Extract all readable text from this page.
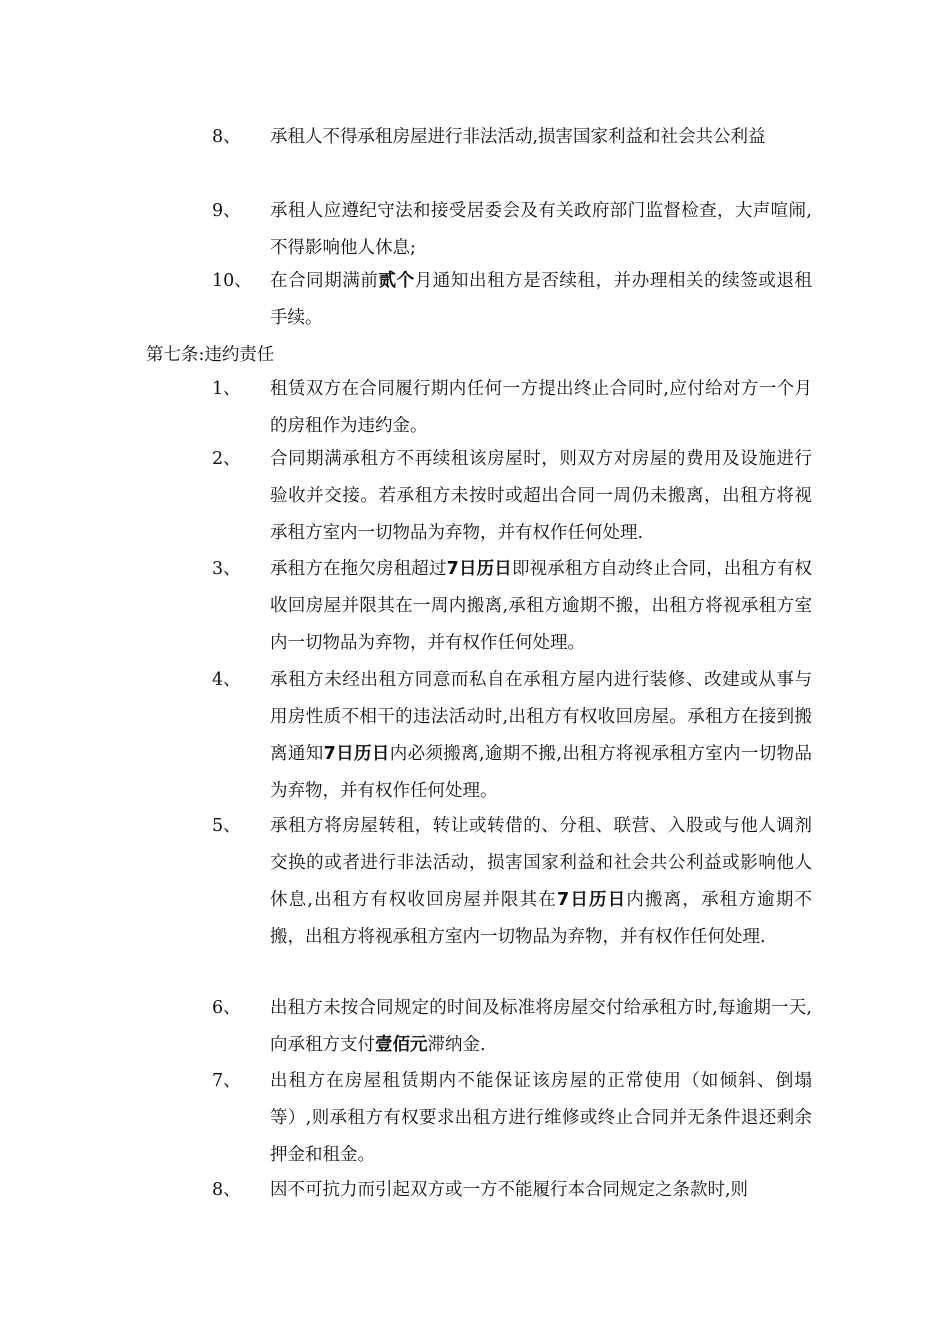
8、	承租人不得承租房屋进行非法活动,损害国家利益和社会共公利益
9、	承租人应遵纪守法和接受居委会及有关政府部门监督检查，大声喧闹,不得影响他人休息;
10、	在合同期满前贰个月通知出租方是否续租，并办理相关的续签或退租手续。
第七条:违约责任
1、	租赁双方在合同履行期内任何一方提出终止合同时,应付给对方一个月的房租作为违约金。
2、	合同期满承租方不再续租该房屋时，则双方对房屋的费用及设施进行验收并交接。若承租方未按时或超出合同一周仍未搬离，出租方将视承租方室内一切物品为弃物，并有权作任何处理.
3、	承租方在拖欠房租超过7日历日即视承租方自动终止合同，出租方有权收回房屋并限其在一周内搬离,承租方逾期不搬，出租方将视承租方室内一切物品为弃物，并有权作任何处理。
4、	承租方未经出租方同意而私自在承租方屋内进行装修、改建或从事与用房性质不相干的违法活动时,出租方有权收回房屋。承租方在接到搬离通知7日历日内必须搬离,逾期不搬,出租方将视承租方室内一切物品为弃物，并有权作任何处理。
5、	承租方将房屋转租，转让或转借的、分租、联营、入股或与他人调剂交换的或者进行非法活动，损害国家利益和社会共公利益或影响他人休息,出租方有权收回房屋并限其在7日历日内搬离，承租方逾期不搬，出租方将视承租方室内一切物品为弃物，并有权作任何处理.
6、	出租方未按合同规定的时间及标准将房屋交付给承租方时,每逾期一天,向承租方支付壹佰元滞纳金.
7、	出租方在房屋租赁期内不能保证该房屋的正常使用（如倾斜、倒塌等）,则承租方有权要求出租方进行维修或终止合同并无条件退还剩余押金和租金。
8、	因不可抗力而引起双方或一方不能履行本合同规定之条款时,则
